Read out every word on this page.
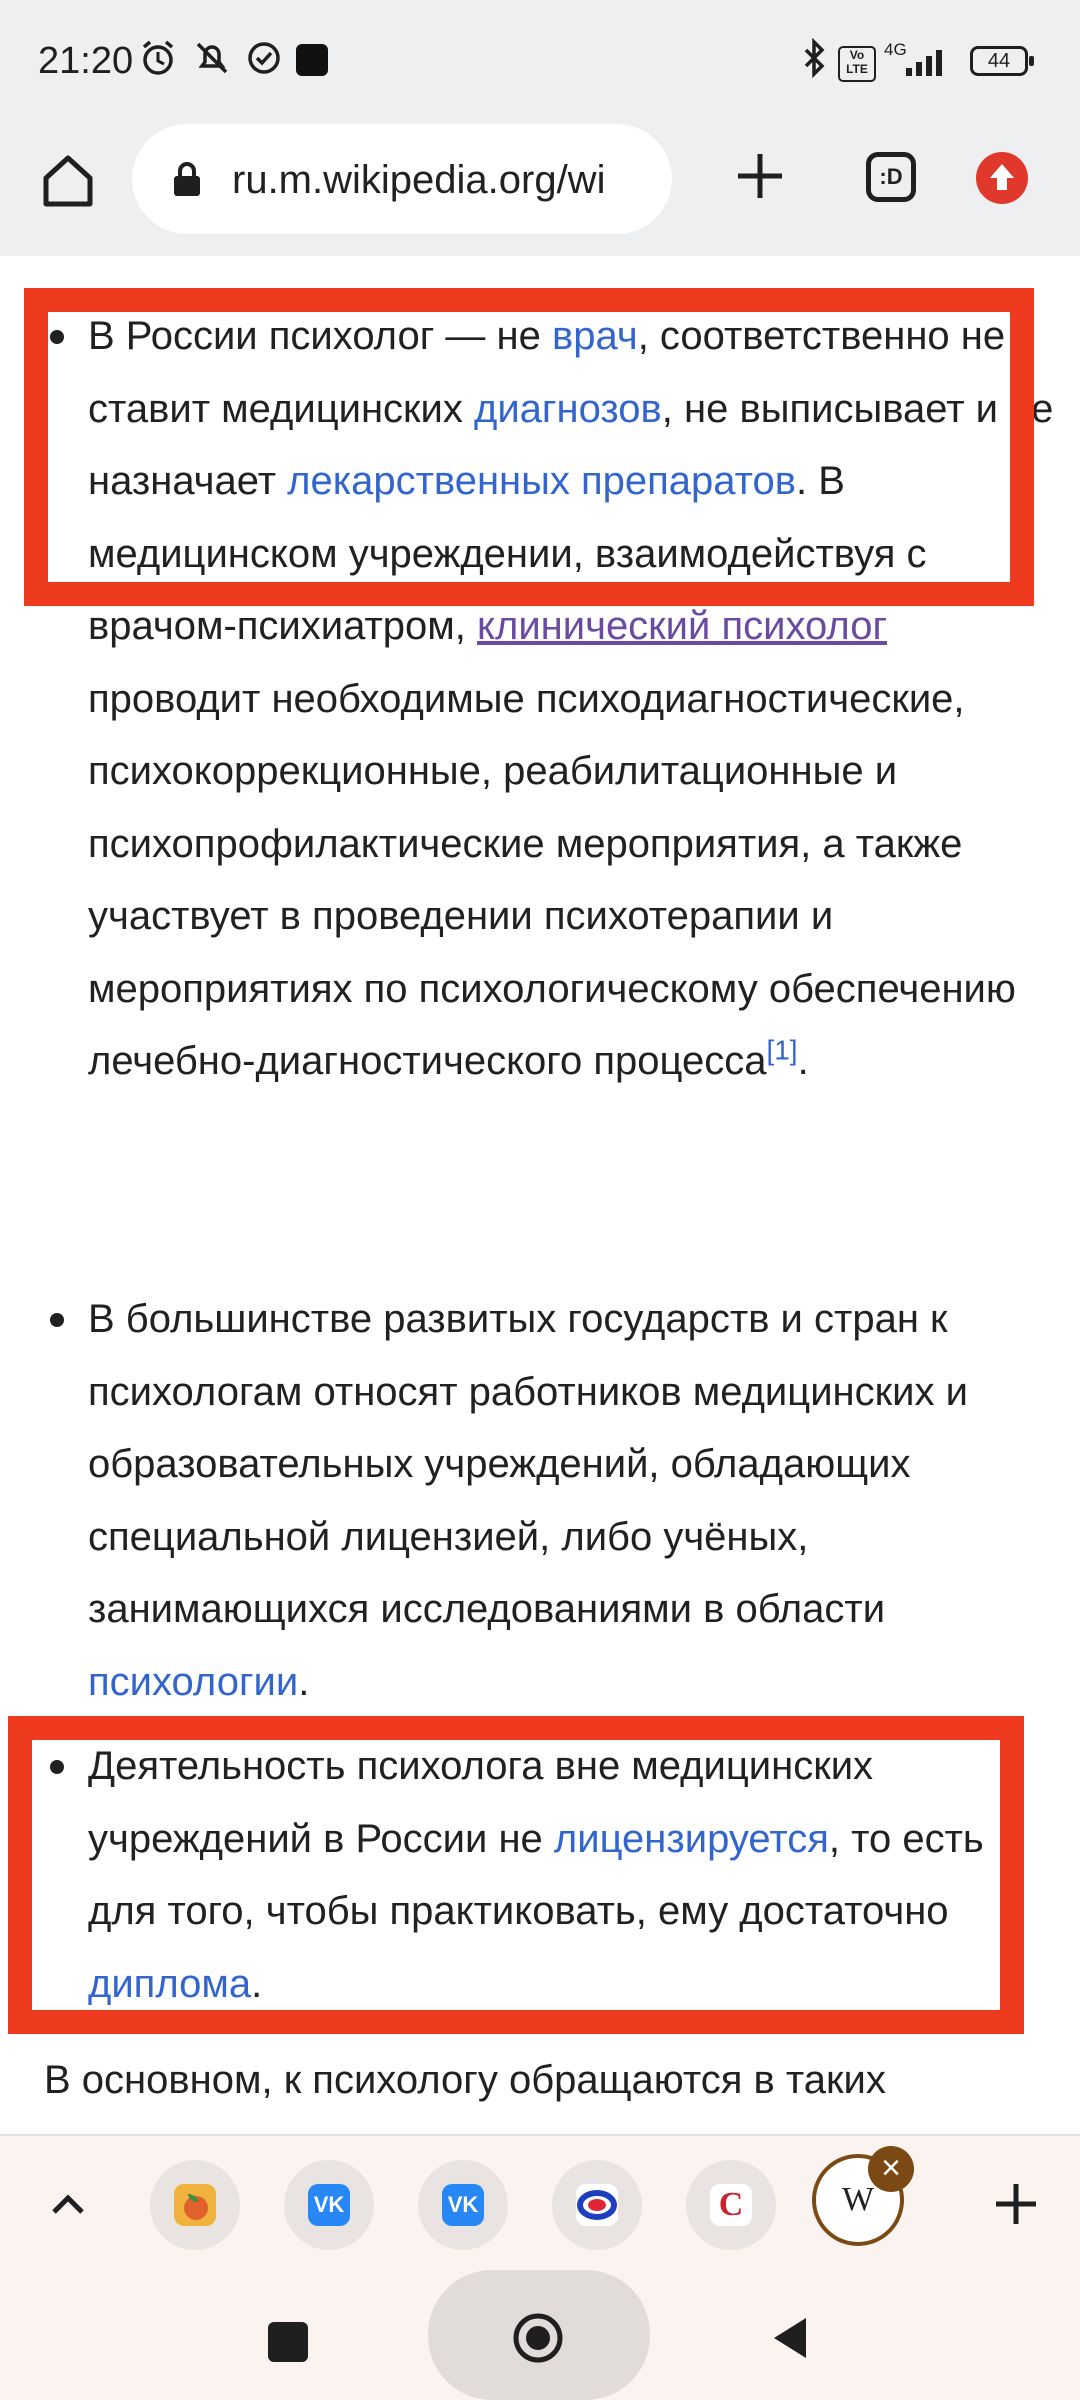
21:20	Vo LTE
4G
44
ru.m.wikipedia.org/wi	:D
В России психолог — не врач, соответственно не ставит медицинских диагнозов, не выписывает и не назначает лекарственных препаратов. В медицинском учреждении, взаимодействуя с врачом-психиатром, клинический психолог проводит необходимые психодиагностические, психокоррекционные, реабилитационные и психопрофилактические мероприятия, а также участвует в проведении психотерапии и мероприятиях по психологическому обеспечению лечебно-диагностического процесса[1].
В большинстве развитых государств и стран к психологам относят работников медицинских и образовательных учреждений, обладающих специальной лицензией, либо учёных, занимающихся исследованиями в области психологии.
Деятельность психолога вне медицинских учреждений в России не лицензируется, то есть для того, чтобы практиковать, ему достаточно диплома.
В основном, к психологу обращаются в таких
VK	VK	C	W
×
